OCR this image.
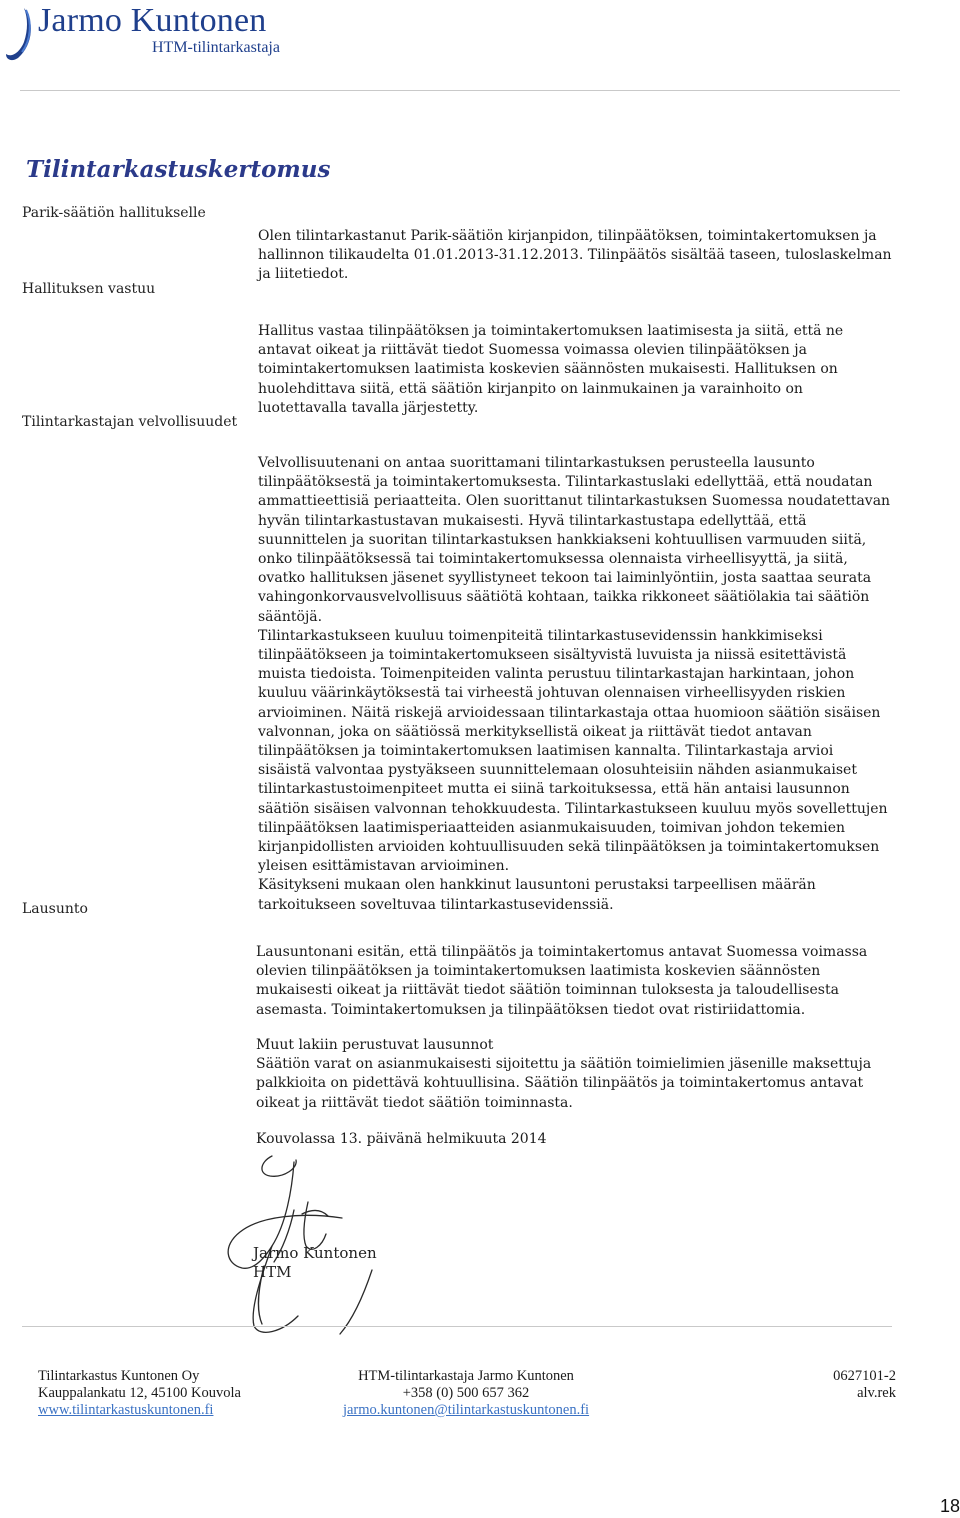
Jarmo Kuntonen
HTM-tilintarkastaja
Tilintarkastuskertomus
Parik-säätiön hallitukselle
Hallituksen vastuu
Tilintarkastajan velvollisuudet
Lausunto

Olen tilintarkastanut Parik-säätiön kirjanpidon, tilinpäätöksen, toimintakertomuksen ja

hallinnon tilikaudelta 01.01.2013-31.12.2013. Tilinpäätös sisältää taseen, tuloslaskelman

ja liitetiedot.

Hallitus vastaa tilinpäätöksen ja toimintakertomuksen laatimisesta ja siitä, että ne

antavat oikeat ja riittävät tiedot Suomessa voimassa olevien tilinpäätöksen ja

toimintakertomuksen laatimista koskevien säännösten mukaisesti. Hallituksen on

huolehdittava siitä, että säätiön kirjanpito on lainmukainen ja varainhoito on

luotettavalla tavalla järjestetty.

Velvollisuutenani on antaa suorittamani tilintarkastuksen perusteella lausunto

tilinpäätöksestä ja toimintakertomuksesta. Tilintarkastuslaki edellyttää, että noudatan

ammattieettisiä periaatteita. Olen suorittanut tilintarkastuksen Suomessa noudatettavan

hyvän tilintarkastustavan mukaisesti. Hyvä tilintarkastustapa edellyttää, että

suunnittelen ja suoritan tilintarkastuksen hankkiakseni kohtuullisen varmuuden siitä,

onko tilinpäätöksessä tai toimintakertomuksessa olennaista virheellisyyttä, ja siitä,

ovatko hallituksen jäsenet syyllistyneet tekoon tai laiminlyöntiin, josta saattaa seurata

vahingonkorvausvelvollisuus säätiötä kohtaan, taikka rikkoneet säätiölakia tai säätiön

sääntöjä.

Tilintarkastukseen kuuluu toimenpiteitä tilintarkastusevidenssin hankkimiseksi

tilinpäätökseen ja toimintakertomukseen sisältyvistä luvuista ja niissä esitettävistä

muista tiedoista. Toimenpiteiden valinta perustuu tilintarkastajan harkintaan, johon

kuuluu väärinkäytöksestä tai virheestä johtuvan olennaisen virheellisyyden riskien

arvioiminen. Näitä riskejä arvioidessaan tilintarkastaja ottaa huomioon säätiön sisäisen

valvonnan, joka on säätiössä merkityksellistä oikeat ja riittävät tiedot antavan

tilinpäätöksen ja toimintakertomuksen laatimisen kannalta. Tilintarkastaja arvioi

sisäistä valvontaa pystyäkseen suunnittelemaan olosuhteisiin nähden asianmukaiset

tilintarkastustoimenpiteet mutta ei siinä tarkoituksessa, että hän antaisi lausunnon

säätiön sisäisen valvonnan tehokkuudesta. Tilintarkastukseen kuuluu myös sovellettujen

tilinpäätöksen laatimisperiaatteiden asianmukaisuuden, toimivan johdon tekemien

kirjanpidollisten arvioiden kohtuullisuuden sekä tilinpäätöksen ja toimintakertomuksen

yleisen esittämistavan arvioiminen.

Käsitykseni mukaan olen hankkinut lausuntoni perustaksi tarpeellisen määrän

tarkoitukseen soveltuvaa tilintarkastusevidenssiä.

Lausuntonani esitän, että tilinpäätös ja toimintakertomus antavat Suomessa voimassa

olevien tilinpäätöksen ja toimintakertomuksen laatimista koskevien säännösten

mukaisesti oikeat ja riittävät tiedot säätiön toiminnan tuloksesta ja taloudellisesta

asemasta. Toimintakertomuksen ja tilinpäätöksen tiedot ovat ristiriidattomia.

Muut lakiin perustuvat lausunnot

Säätiön varat on asianmukaisesti sijoitettu ja säätiön toimielimien jäsenille maksettuja

palkkioita on pidettävä kohtuullisina. Säätiön tilinpäätös ja toimintakertomus antavat

oikeat ja riittävät tiedot säätiön toiminnasta.

Kouvolassa 13. päivänä helmikuuta 2014
Jarmo Kuntonen
HTM
Tilintarkastus Kuntonen Oy
Kauppalankatu 12, 45100 Kouvola
www.tilintarkastuskuntonen.fi
HTM-tilintarkastaja Jarmo Kuntonen
+358 (0) 500 657 362
jarmo.kuntonen@tilintarkastuskuntonen.fi
0627101-2
alv.rek
18
